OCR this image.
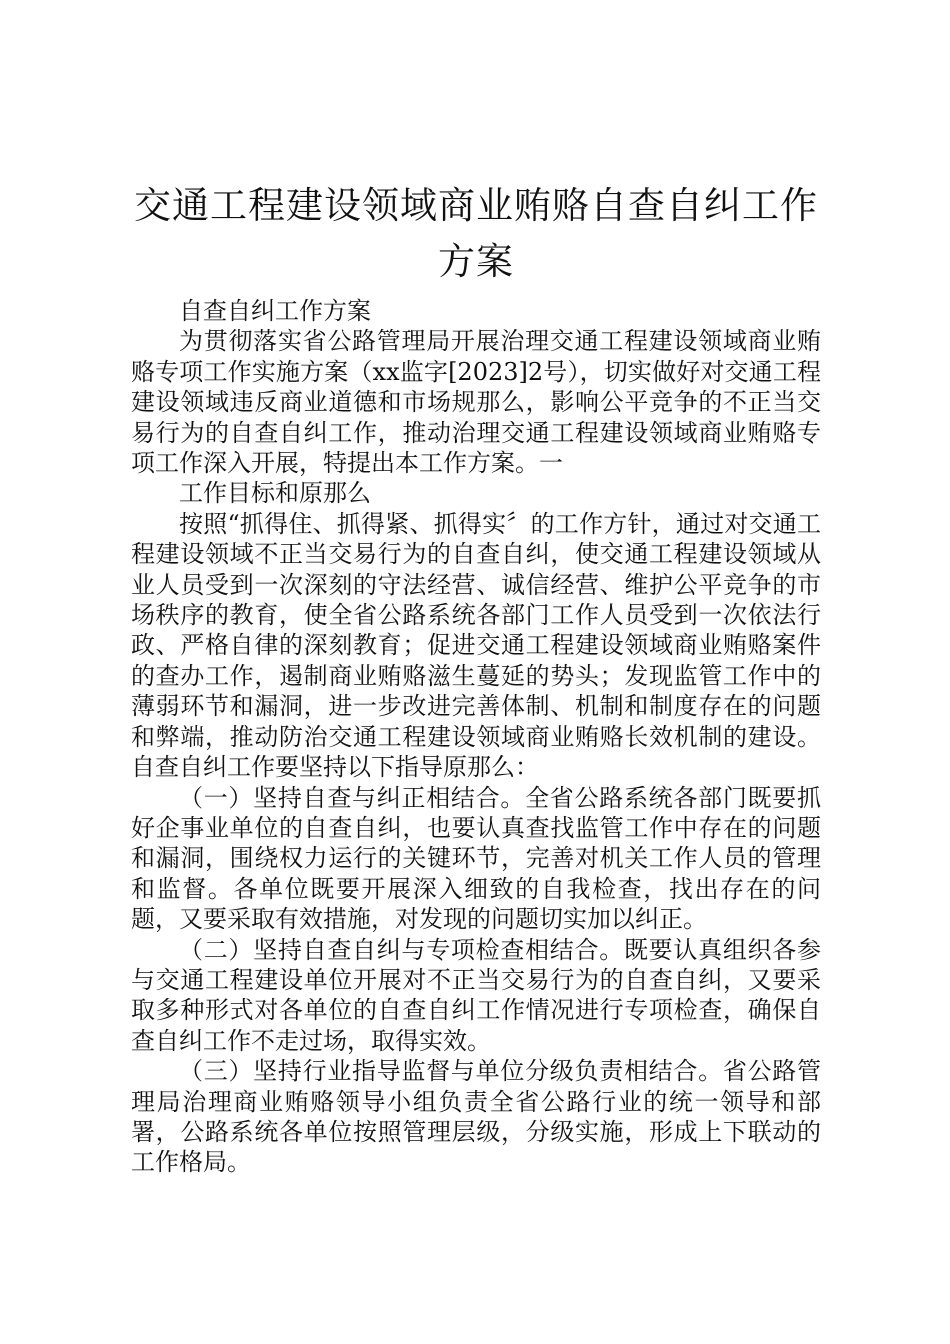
交通工程建设领域商业贿赂自查自纠工作方案

自查自纠工作方案

为贯彻落实省公路管理局开展治理交通工程建设领域商业贿赂专项工作实施方案（xx监字[2023]2号），切实做好对交通工程建设领域违反商业道德和市场规那么，影响公平竞争的不正当交易行为的自查自纠工作，推动治理交通工程建设领域商业贿赂专项工作深入开展，特提出本工作方案。一

工作目标和原那么

按照“抓得住、抓得紧、抓得实〞的工作方针，通过对交通工程建设领域不正当交易行为的自查自纠，使交通工程建设领域从业人员受到一次深刻的守法经营、诚信经营、维护公平竞争的市场秩序的教育，使全省公路系统各部门工作人员受到一次依法行政、严格自律的深刻教育；促进交通工程建设领域商业贿赂案件的查办工作，遏制商业贿赂滋生蔓延的势头；发现监管工作中的薄弱环节和漏洞，进一步改进完善体制、机制和制度存在的问题和弊端，推动防治交通工程建设领域商业贿赂长效机制的建设。自查自纠工作要坚持以下指导原那么：

（一）坚持自查与纠正相结合。全省公路系统各部门既要抓好企事业单位的自查自纠，也要认真查找监管工作中存在的问题和漏洞，围绕权力运行的关键环节，完善对机关工作人员的管理和监督。各单位既要开展深入细致的自我检查，找出存在的问题，又要采取有效措施，对发现的问题切实加以纠正。

（二）坚持自查自纠与专项检查相结合。既要认真组织各参与交通工程建设单位开展对不正当交易行为的自查自纠，又要采取多种形式对各单位的自查自纠工作情况进行专项检查，确保自查自纠工作不走过场，取得实效。

（三）坚持行业指导监督与单位分级负责相结合。省公路管理局治理商业贿赂领导小组负责全省公路行业的统一领导和部署，公路系统各单位按照管理层级，分级实施，形成上下联动的工作格局。
